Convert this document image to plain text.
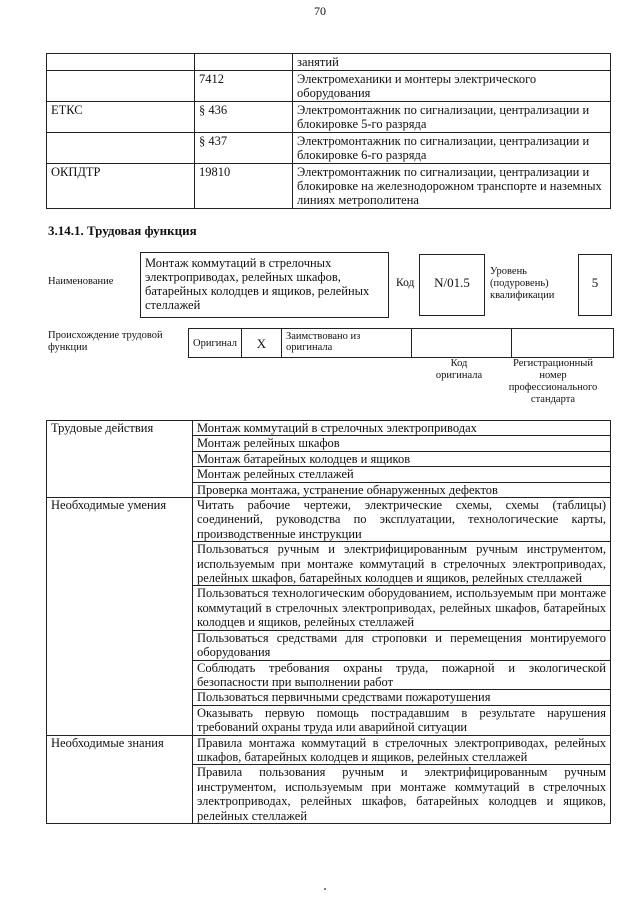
70
		занятий
	7412	Электромеханики и монтеры электрического оборудования
ЕТКС	§ 436	Электромонтажник по сигнализации, централизации и блокировке 5-го разряда
	§ 437	Электромонтажник по сигнализации, централизации и блокировке 6-го разряда
ОКПДТР	19810	Электромонтажник по сигнализации, централизации и блокировке на железнодорожном транспорте и наземных линиях метрополитена
3.14.1. Трудовая функция
Наименование
Монтаж коммутаций в стрелочных электроприводах, релейных шкафов, батарейных колодцев и ящиков, релейных стеллажей
Код	N/01.5
Уровень (подуровень) квалификации
5
Происхождение трудовой функции	Оригинал	X	Заимствовано из оригинала		
Код оригинала
Регистрационный номер профессионального стандарта
Трудовые действия	Монтаж коммутаций в стрелочных электроприводах
	Монтаж релейных шкафов
	Монтаж батарейных колодцев и ящиков
	Монтаж релейных стеллажей
	Проверка монтажа, устранение обнаруженных дефектов
Необходимые умения	Читать рабочие чертежи, электрические схемы, схемы (таблицы) соединений, руководства по эксплуатации, технологические карты, производственные инструкции
	Пользоваться ручным и электрифицированным ручным инструментом, используемым при монтаже коммутаций в стрелочных электроприводах, релейных шкафов, батарейных колодцев и ящиков, релейных стеллажей
	Пользоваться технологическим оборудованием, используемым при монтаже коммутаций в стрелочных электроприводах, релейных шкафов, батарейных колодцев и ящиков, релейных стеллажей
	Пользоваться средствами для строповки и перемещения монтируемого оборудования
	Соблюдать требования охраны труда, пожарной и экологической безопасности при выполнении работ
	Пользоваться первичными средствами пожаротушения
	Оказывать первую помощь пострадавшим в результате нарушения требований охраны труда или аварийной ситуации
Необходимые знания	Правила монтажа коммутаций в стрелочных электроприводах, релейных шкафов, батарейных колодцев и ящиков, релейных стеллажей
	Правила пользования ручным и электрифицированным ручным инструментом, используемым при монтаже коммутаций в стрелочных электроприводах, релейных шкафов, батарейных колодцев и ящиков, релейных стеллажей
